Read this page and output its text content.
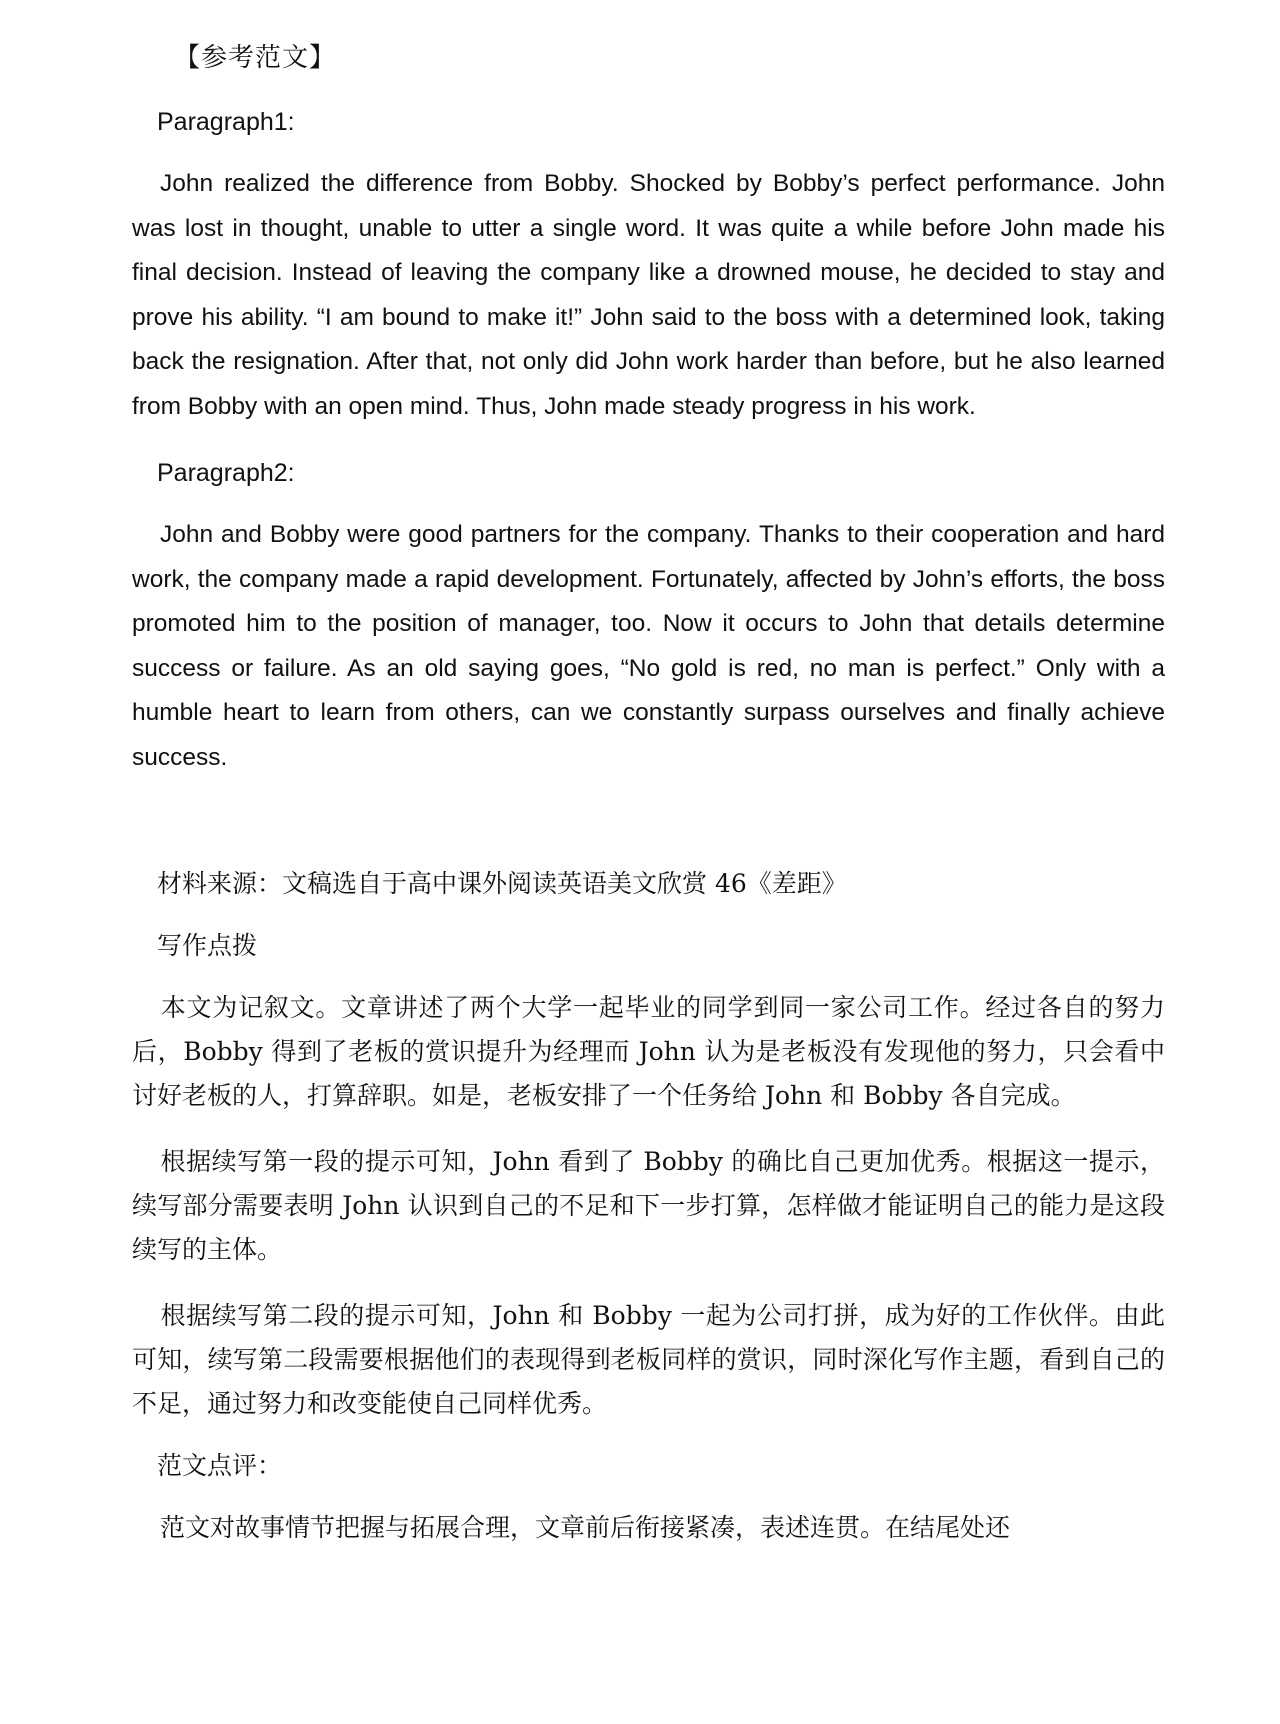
【参考范文】
Paragraph1:

John realized the difference from Bobby. Shocked by Bobby’s perfect performance. John was lost in thought, unable to utter a single word. It was quite a while before John made his final decision. Instead of leaving the company like a drowned mouse, he decided to stay and prove his ability. “I am bound to make it!” John said to the boss with a determined look, taking back the resignation. After that, not only did John work harder than before, but he also learned from Bobby with an open mind. Thus, John made steady progress in his work.

Paragraph2:

John and Bobby were good partners for the company. Thanks to their cooperation and hard work, the company made a rapid development. Fortunately, affected by John’s efforts, the boss promoted him to the position of manager, too. Now it occurs to John that details determine success or failure. As an old saying goes, “No gold is red, no man is perfect.” Only with a humble heart to learn from others, can we constantly surpass ourselves and finally achieve success.

材料来源：文稿选自于高中课外阅读英语美文欣赏 46《差距》
写作点拨

本文为记叙文。文章讲述了两个大学一起毕业的同学到同一家公司工作。经过各自的努力后，Bobby 得到了老板的赏识提升为经理而 John 认为是老板没有发现他的努力，只会看中讨好老板的人，打算辞职。如是，老板安排了一个任务给 John 和 Bobby 各自完成。

根据续写第一段的提示可知，John 看到了 Bobby 的确比自己更加优秀。根据这一提示，续写部分需要表明 John 认识到自己的不足和下一步打算，怎样做才能证明自己的能力是这段续写的主体。

根据续写第二段的提示可知，John 和 Bobby 一起为公司打拼，成为好的工作伙伴。由此可知，续写第二段需要根据他们的表现得到老板同样的赏识，同时深化写作主题，看到自己的不足，通过努力和改变能使自己同样优秀。

范文点评：

范文对故事情节把握与拓展合理，文章前后衔接紧凑，表述连贯。在结尾处还
